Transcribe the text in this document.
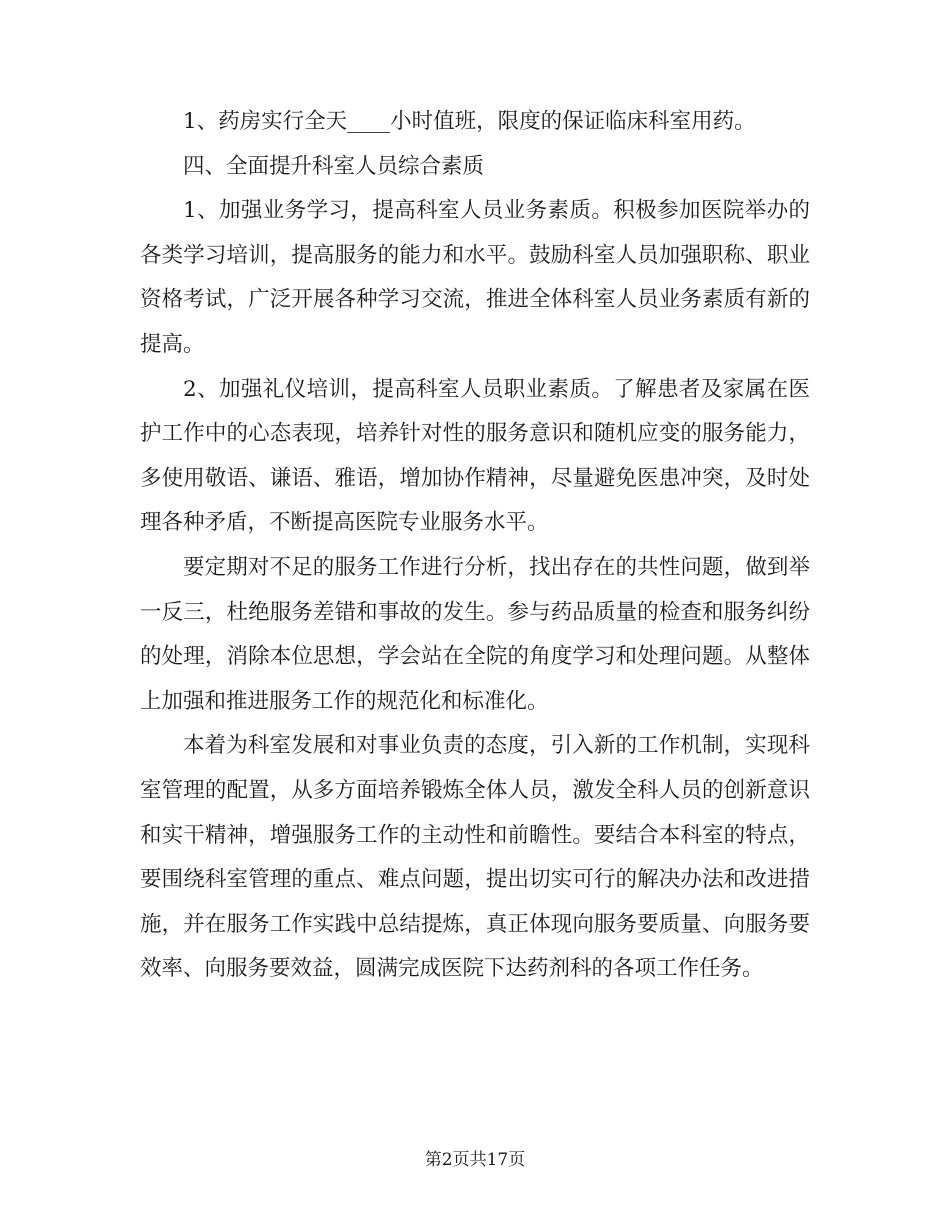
1、药房实行全天____小时值班，限度的保证临床科室用药。

四、全面提升科室人员综合素质

1、加强业务学习，提高科室人员业务素质。积极参加医院举办的各类学习培训，提高服务的能力和水平。鼓励科室人员加强职称、职业资格考试，广泛开展各种学习交流，推进全体科室人员业务素质有新的提高。

2、加强礼仪培训，提高科室人员职业素质。了解患者及家属在医护工作中的心态表现，培养针对性的服务意识和随机应变的服务能力，多使用敬语、谦语、雅语，增加协作精神，尽量避免医患冲突，及时处理各种矛盾，不断提高医院专业服务水平。

要定期对不足的服务工作进行分析，找出存在的共性问题，做到举一反三，杜绝服务差错和事故的发生。参与药品质量的检查和服务纠纷的处理，消除本位思想，学会站在全院的角度学习和处理问题。从整体上加强和推进服务工作的规范化和标准化。

本着为科室发展和对事业负责的态度，引入新的工作机制，实现科室管理的配置，从多方面培养锻炼全体人员，激发全科人员的创新意识和实干精神，增强服务工作的主动性和前瞻性。要结合本科室的特点，要围绕科室管理的重点、难点问题，提出切实可行的解决办法和改进措施，并在服务工作实践中总结提炼，真正体现向服务要质量、向服务要效率、向服务要效益，圆满完成医院下达药剂科的各项工作任务。

第2页共17页
